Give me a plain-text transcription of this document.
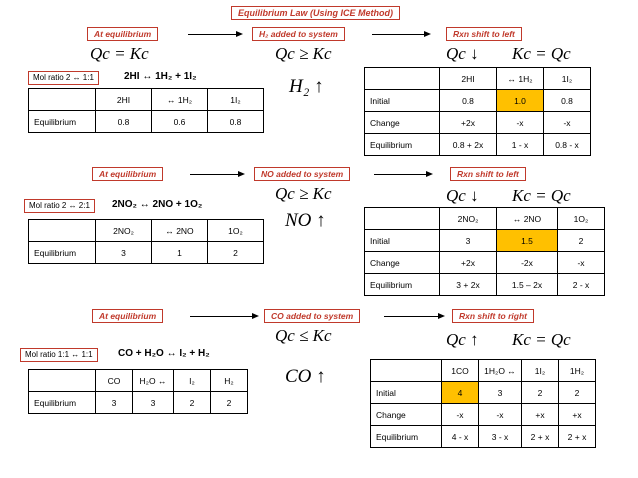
Equilibrium Law (Using ICE Method)
At equilibrium	H₂ added to system	Rxn shift to left
Qc = Kc	Qc ≥ Kc	Qc ↓ Kc = Qc
Mol ratio 2 ↔ 1:1	2HI ↔ 1H₂ + 1I₂	H₂ ↑
	2HI	↔ 1H₂	1I₂
Equilibrium	0.8	0.6	0.8
	2HI	↔ 1H₂	1I₂
Initial	0.8	1.0	0.8
Change	+2x	-x	-x
Equilibrium	0.8 + 2x	1 - x	0.8 - x
At equilibrium	NO added to system	Rxn shift to left
Qc ≥ Kc	Qc ↓ Kc = Qc
Mol ratio 2 ↔ 2:1	2NO₂ ↔ 2NO + 1O₂
NO ↑
	2NO₂	↔ 2NO	1O₂
Equilibrium	3	1	2
	2NO₂	↔ 2NO	1O₂
Initial	3	1.5	2
Change	+2x	-2x	-x
Equilibrium	3 + 2x	1.5 – 2x	2 - x
At equilibrium	CO added to system	Rxn shift to right
Qc ≤ Kc	Qc ↑ Kc = Qc
Mol ratio 1:1 ↔ 1:1	CO + H₂O ↔ I₂ + H₂
CO ↑
	CO	H₂O ↔	I₂	H₂
Equilibrium	3	3	2	2
	1CO	1H₂O ↔	1I₂	1H₂
Initial	4	3	2	2
Change	-x	-x	+x	+x
Equilibrium	4 - x	3 - x	2 + x	2 + x
